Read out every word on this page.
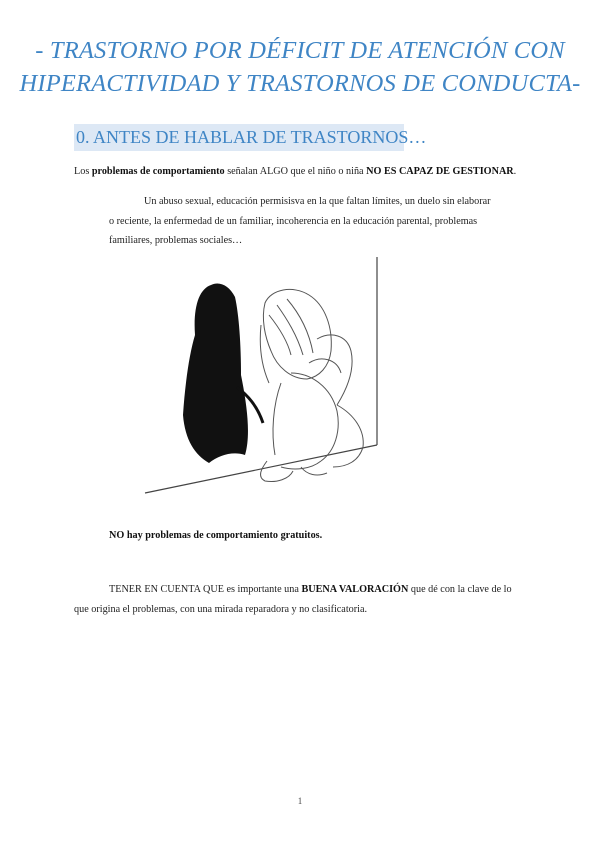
- TRASTORNO POR DÉFICIT DE ATENCIÓN CON
HIPERACTIVIDAD Y TRASTORNOS DE CONDUCTA-
0. ANTES DE HABLAR DE TRASTORNOS…
Los problemas de comportamiento señalan ALGO que el niño o niña NO ES CAPAZ DE GESTIONAR.
Un abuso sexual, educación permisisva en la que faltan límites, un duelo sin elaborar
o reciente, la enfermedad de un familiar, incoherencia en la educación parental, problemas
familiares, problemas sociales…
NO hay problemas de comportamiento gratuitos.
TENER EN CUENTA QUE es importante una BUENA VALORACIÓN que dé con la clave de lo
que origina el problemas, con una mirada reparadora y no clasificatoria.
1
